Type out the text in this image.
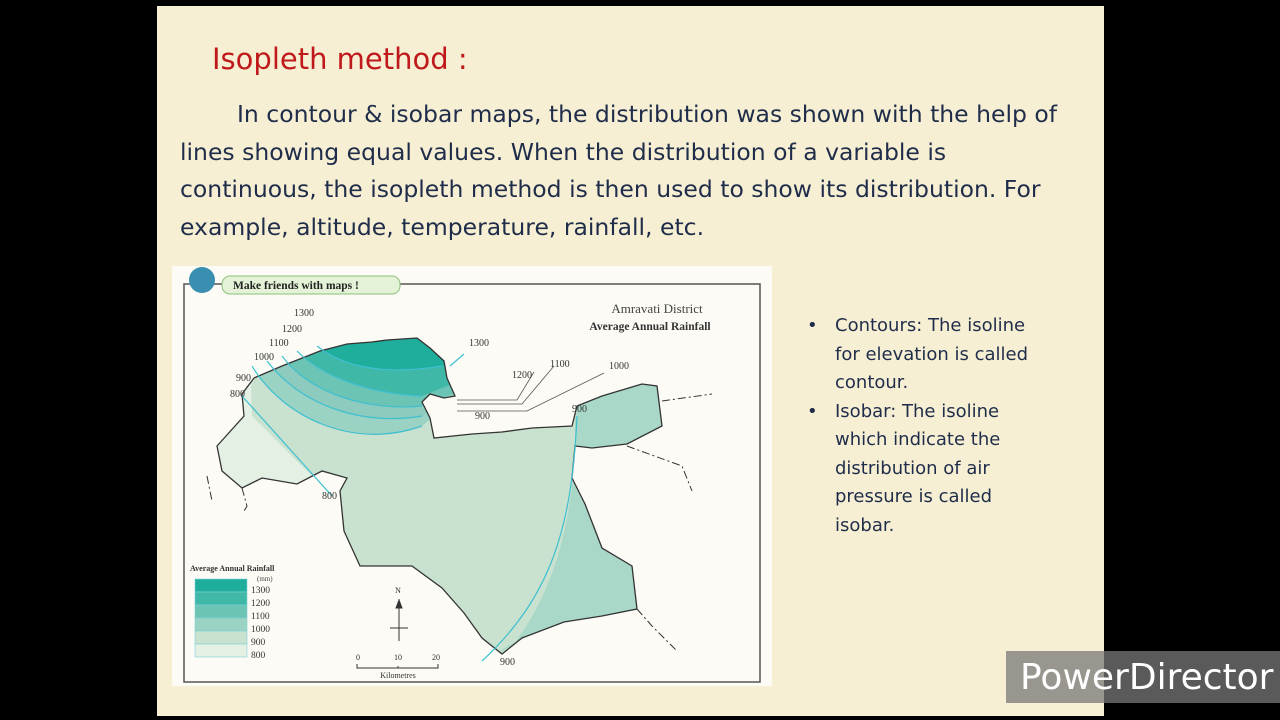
Isopleth method :
In contour & isobar maps, the distribution was shown with the help of lines showing equal values. When the distribution of a variable is continuous, the isopleth method is then used to show its distribution. For example, altitude, temperature, rainfall, etc.
1300
1200
1100
1000
900
800
1300
1200
1100	1000
900
900
800
900
Amravati District
Average Annual Rainfall
Make friends with maps !
Average Annual Rainfall
(mm)
1300
1200
1100
1000
900
800
N
0	10	20
Kilometres
• Contours: The isoline for elevation is called contour.
• Isobar: The isoline which indicate the distribution of air pressure is called isobar.
PowerDirector
